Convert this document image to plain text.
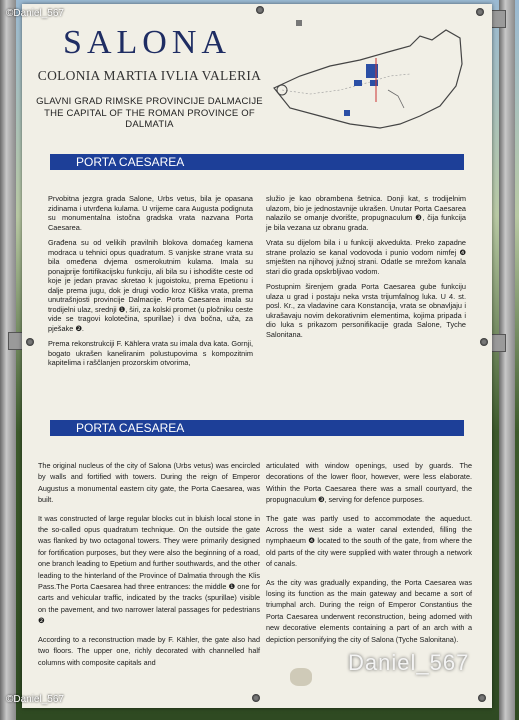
SALONA
COLONIA MARTIA IVLIA VALERIA
GLAVNI GRAD RIMSKE PROVINCIJE DALMACIJE
THE CAPITAL OF THE ROMAN PROVINCE OF DALMATIA
PORTA CAESAREA

Prvobitna jezgra grada Salone, Urbs vetus, bila je opasana zidinama i utvrđena kulama. U vrijeme cara Augusta podignuta su monumentalna istočna gradska vrata nazvana Porta Caesarea.

Građena su od velikih pravilnih blokova domaćeg kamena modraca u tehnici opus quadratum. S vanjske strane vrata su bila omeđena dvjema osmerokutnim kulama. Imala su ponajprije fortifikacijsku funkciju, ali bila su i ishodište ceste od koje je jedan pravac skretao k jugoistoku, prema Epetionu i dalje prema jugu, dok je drugi vodio kroz Kliška vrata, prema unutrašnjosti provincije Dalmacije. Porta Caesarea imala su trodijelni ulaz, srednji ❶, širi, za kolski promet (u pločniku ceste vide se tragovi kolotečina, spurillae) i dva bočna, uža, za pješake ❷.

Prema rekonstrukciji F. Kählera vrata su imala dva kata. Gornji, bogato ukrašen kaneliranim polustupovima s kompozitnim kapitelima i raščlanjen prozorskim otvorima,

služio je kao obrambena šetnica. Donji kat, s trodijelnim ulazom, bio je jednostavnije ukrašen. Unutar Porta Caesarea nalazilo se omanje dvorište, propugnaculum ❸, čija funkcija je bila vezana uz obranu grada.

Vrata su dijelom bila i u funkciji akvedukta. Preko zapadne strane prolazio se kanal vodovoda i punio vodom nimfej ❹ smješten na njihovoj južnoj strani. Odatle se mrežom kanala stari dio grada opskrbljivao vodom.

Postupnim širenjem grada Porta Caesarea gube funkciju ulaza u grad i postaju neka vrsta trijumfalnog luka. U 4. st. posl. Kr., za vladavine cara Konstancija, vrata se obnavljaju i ukrašavaju novim dekorativnim elementima, kojima pripada i dio luka s prikazom personifikacije grada Salone, Tyche Salonitana.

PORTA CAESAREA

The original nucleus of the city of Salona (Urbs vetus) was encircled by walls and fortified with towers. During the reign of Emperor Augustus a monumental eastern city gate, the Porta Caesarea, was built.

It was constructed of large regular blocks cut in bluish local stone in the so-called opus quadratum technique. On the outside the gate was flanked by two octagonal towers. They were primarily designed for fortification purposes, but they were also the beginning of a road, one branch leading to Epetium and further southwards, and the other leading to the hinterland of the Province of Dalmatia through the Klis Pass.The Porta Caesarea had three entrances: the middle ❶ one for carts and vehicular traffic, indicated by the tracks (spurillae) visible on the pavement, and two narrower lateral passages for pedestrians ❷

According to a reconstruction made by F. Kähler, the gate also had two floors. The upper one, richly decorated with channelled half columns with composite capitals and

articulated with window openings, used by guards. The decorations of the lower floor, however, were less elaborate. Within the Porta Caesarea there was a small courtyard, the propugnaculum ❸, serving for defence purposes.

The gate was partly used to accommodate the aqueduct. Across the west side a water canal extended, filling the nymphaeum ❹ located to the south of the gate, from where the old parts of the city were supplied with water through a network of canals.

As the city was gradually expanding, the Porta Caesarea was losing its function as the main gateway and became a sort of triumphal arch. During the reign of Emperor Constantius the Porta Caesarea underwent reconstruction, being adorned with new decorative elements containing a part of an arch with a depiction personifying the city of Salona (Tyche Salonitana).

©Daniel_567
©Daniel_567
Daniel_567
